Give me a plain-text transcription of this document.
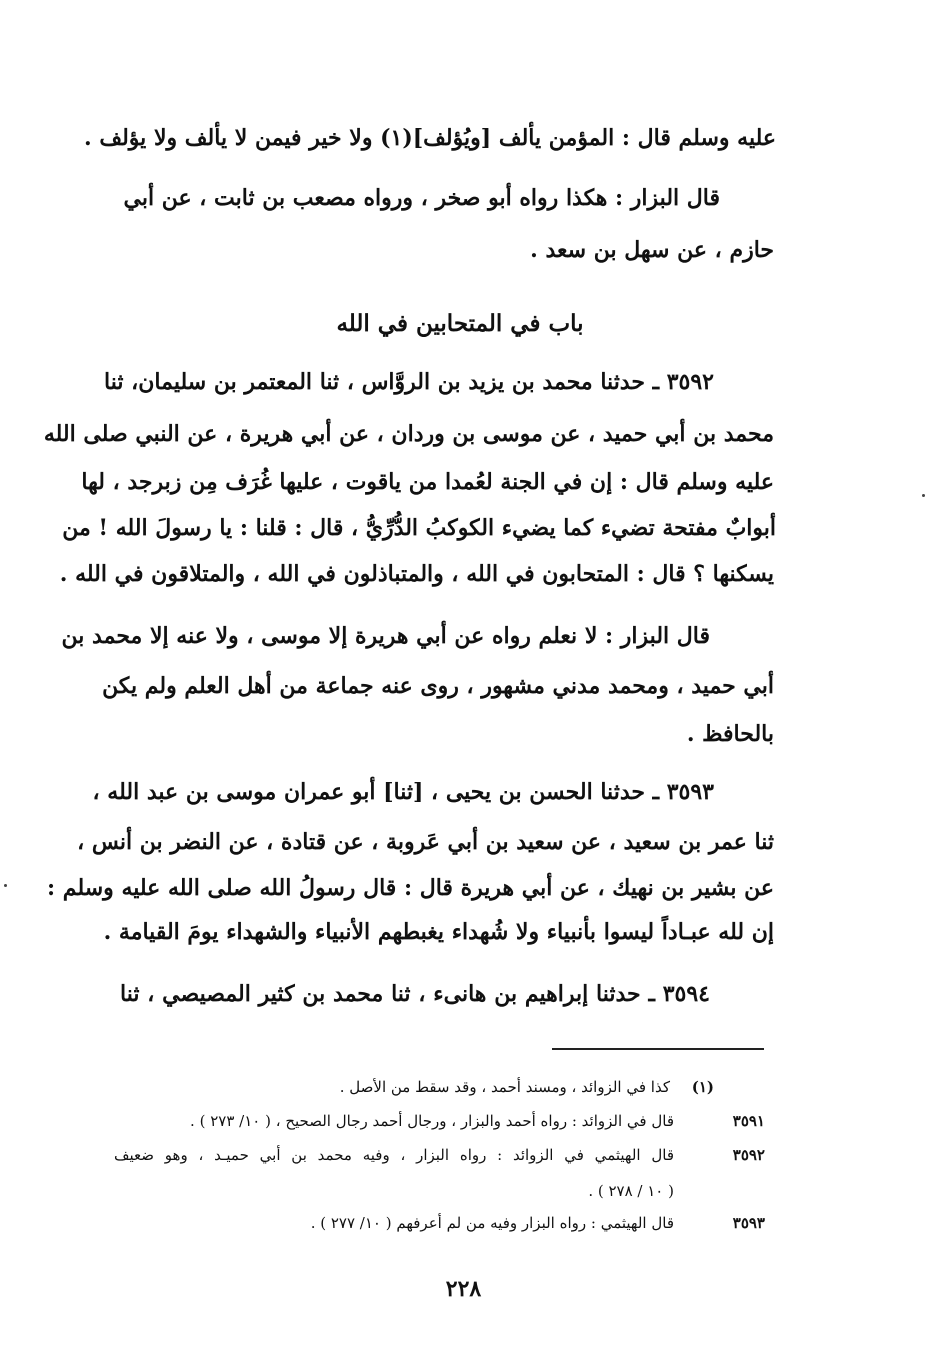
عليه وسلم قال : المؤمن يألف [ويُؤلف](١) ولا خير فيمن لا يألف ولا يؤلف .
قال البزار : هكذا رواه أبو صخر ، ورواه مصعب بن ثابت ، عن أبي
حازم ، عن سهل بن سعد .
باب في المتحابين في الله
٣٥٩٢ ـ حدثنا محمد بن يزيد بن الروَّاس ، ثنا المعتمر بن سليمان، ثنا
محمد بن أبي حميد ، عن موسى بن وردان ، عن أبي هريرة ، عن النبي صلى الله
عليه وسلم قال : إن في الجنة لعُمدا من ياقوت ، عليها غُرَف مِن زبرجد ، لها
أبوابٌ مفتحة تضيء كما يضيء الكوكبُ الدُّرِّيُّ ، قال : قلنا : يا رسولَ الله ! من
يسكنها ؟ قال : المتحابون في الله ، والمتباذلون في الله ، والمتلاقون في الله .
قال البزار : لا نعلم رواه عن أبي هريرة إلا موسى ، ولا عنه إلا محمد بن
أبي حميد ، ومحمد مدني مشهور ، روى عنه جماعة من أهل العلم ولم يكن
بالحافظ .
٣٥٩٣ ـ حدثنا الحسن بن يحيى ، [ثنا] أبو عمران موسى بن عبد الله ،
ثنا عمر بن سعيد ، عن سعيد بن أبي عَروبة ، عن قتادة ، عن النضر بن أنس ،
عن بشير بن نهيك ، عن أبي هريرة قال : قال رسولُ الله صلى الله عليه وسلم :
إن لله عبـاداً ليسوا بأنبياء ولا شُهداء يغبطهم الأنبياء والشهداء يومَ القيامة .
٣٥٩٤ ـ حدثنا إبراهيم بن هانىء ، ثنا محمد بن كثير المصيصي ، ثنا
(١)
كذا في الزوائد ، ومسند أحمد ، وقد سقط من الأصل .
٣٥٩١
قال في الزوائد : رواه أحمد والبزار ، ورجال أحمد رجال الصحيح ، ( ١٠/ ٢٧٣ ) .
٣٥٩٢
قال الهيثمي في الزوائد : رواه البزار ، وفيه محمد بن أبي حميـد ، وهو ضعيف
( ١٠ / ٢٧٨ ) .
٣٥٩٣
قال الهيثمي : رواه البزار وفيه من لم أعرفهم ( ١٠/ ٢٧٧ ) .
٢٢٨
